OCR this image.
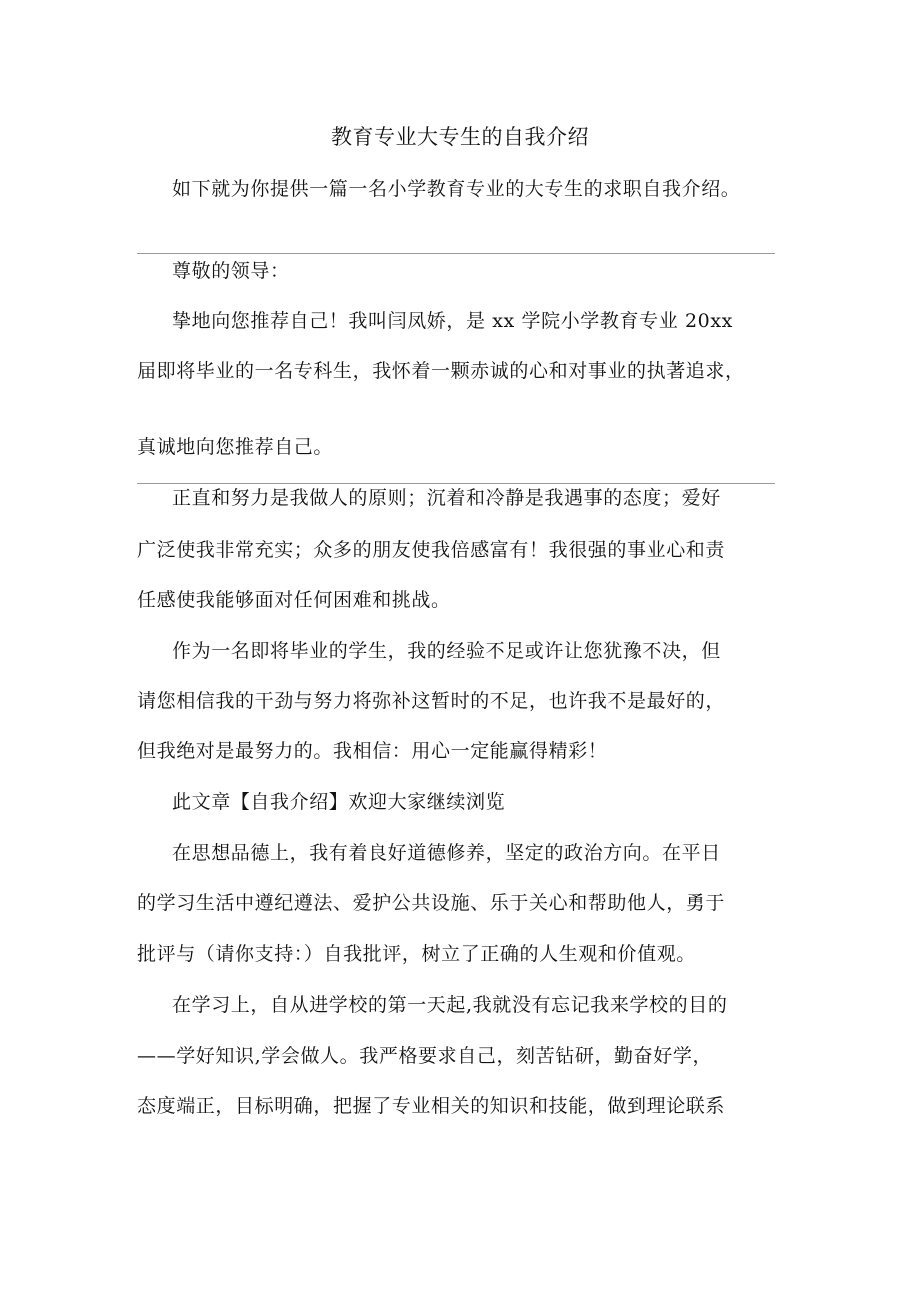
教育专业大专生的自我介绍
如下就为你提供一篇一名小学教育专业的大专生的求职自我介绍。
尊敬的领导：
挚地向您推荐自己！我叫闫凤娇，是 xx 学院小学教育专业 20xx
届即将毕业的一名专科生，我怀着一颗赤诚的心和对事业的执著追求，
真诚地向您推荐自己。
正直和努力是我做人的原则；沉着和冷静是我遇事的态度；爱好
广泛使我非常充实；众多的朋友使我倍感富有！我很强的事业心和责
任感使我能够面对任何困难和挑战。
作为一名即将毕业的学生，我的经验不足或许让您犹豫不决，但
请您相信我的干劲与努力将弥补这暂时的不足，也许我不是最好的，
但我绝对是最努力的。我相信：用心一定能赢得精彩！
此文章【自我介绍】欢迎大家继续浏览
在思想品德上，我有着良好道德修养，坚定的政治方向。在平日
的学习生活中遵纪遵法、爱护公共设施、乐于关心和帮助他人，勇于
批评与（请你支持：）自我批评，树立了正确的人生观和价值观。
在学习上，自从进学校的第一天起,我就没有忘记我来学校的目的
——学好知识,学会做人。我严格要求自己，刻苦钻研，勤奋好学，
态度端正，目标明确，把握了专业相关的知识和技能，做到理论联系
